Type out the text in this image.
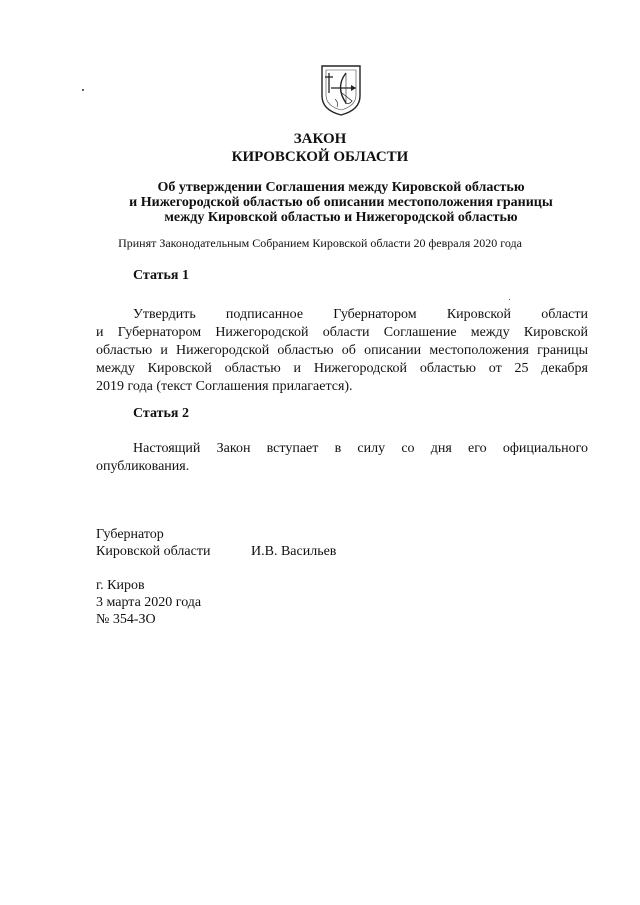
ЗАКОН
КИРОВСКОЙ ОБЛАСТИ
Об утверждении Соглашения между Кировской областью
и Нижегородской областью об описании местоположения границы
между Кировской областью и Нижегородской областью
Принят Законодательным Собранием Кировской области 20 февраля 2020 года
Статья 1
Утвердить подписанное Губернатором Кировской области
и Губернатором Нижегородской области Соглашение между Кировской
областью и Нижегородской областью об описании местоположения границы
между Кировской областью и Нижегородской областью от 25 декабря
2019 года (текст Соглашения прилагается).
Статья 2
Настоящий Закон вступает в силу со дня его официального
опубликования.
Губернатор
Кировской области	И.В. Васильев
г. Киров
3 марта 2020 года
№ 354-ЗО
